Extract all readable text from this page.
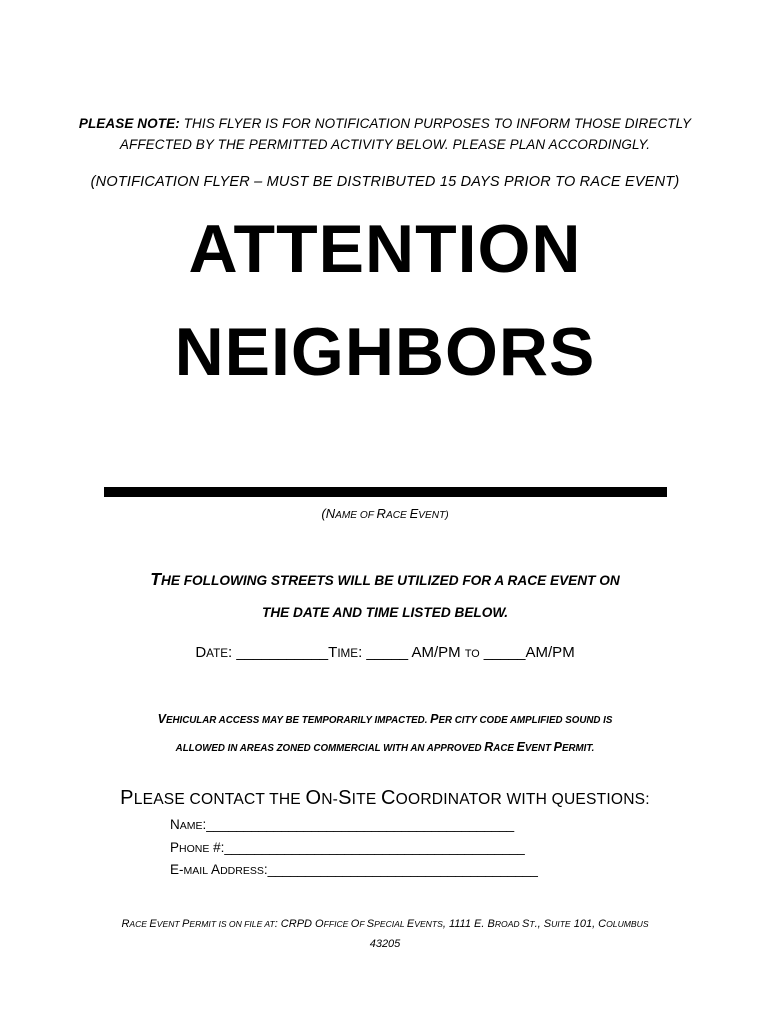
PLEASE NOTE: THIS FLYER IS FOR NOTIFICATION PURPOSES TO INFORM THOSE DIRECTLY
AFFECTED BY THE PERMITTED ACTIVITY BELOW. PLEASE PLAN ACCORDINGLY.
(NOTIFICATION FLYER – MUST BE DISTRIBUTED 15 DAYS PRIOR TO RACE EVENT)
ATTENTION
NEIGHBORS
(NAME OF RACE EVENT)
THE FOLLOWING STREETS WILL BE UTILIZED FOR A RACE EVENT ON
THE DATE AND TIME LISTED BELOW.
DATE: ___________TIME: _____ AM/PM TO _____AM/PM
VEHICULAR ACCESS MAY BE TEMPORARILY IMPACTED. PER CITY CODE AMPLIFIED SOUND IS
ALLOWED IN AREAS ZONED COMMERCIAL WITH AN APPROVED RACE EVENT PERMIT.
PLEASE CONTACT THE ON-SITE COORDINATOR WITH QUESTIONS:
NAME:_________________________________________
PHONE #:________________________________________
E-MAIL ADDRESS:____________________________________
RACE EVENT PERMIT IS ON FILE AT: CRPD OFFICE OF SPECIAL EVENTS, 1111 E. BROAD ST., SUITE 101, COLUMBUS
43205
